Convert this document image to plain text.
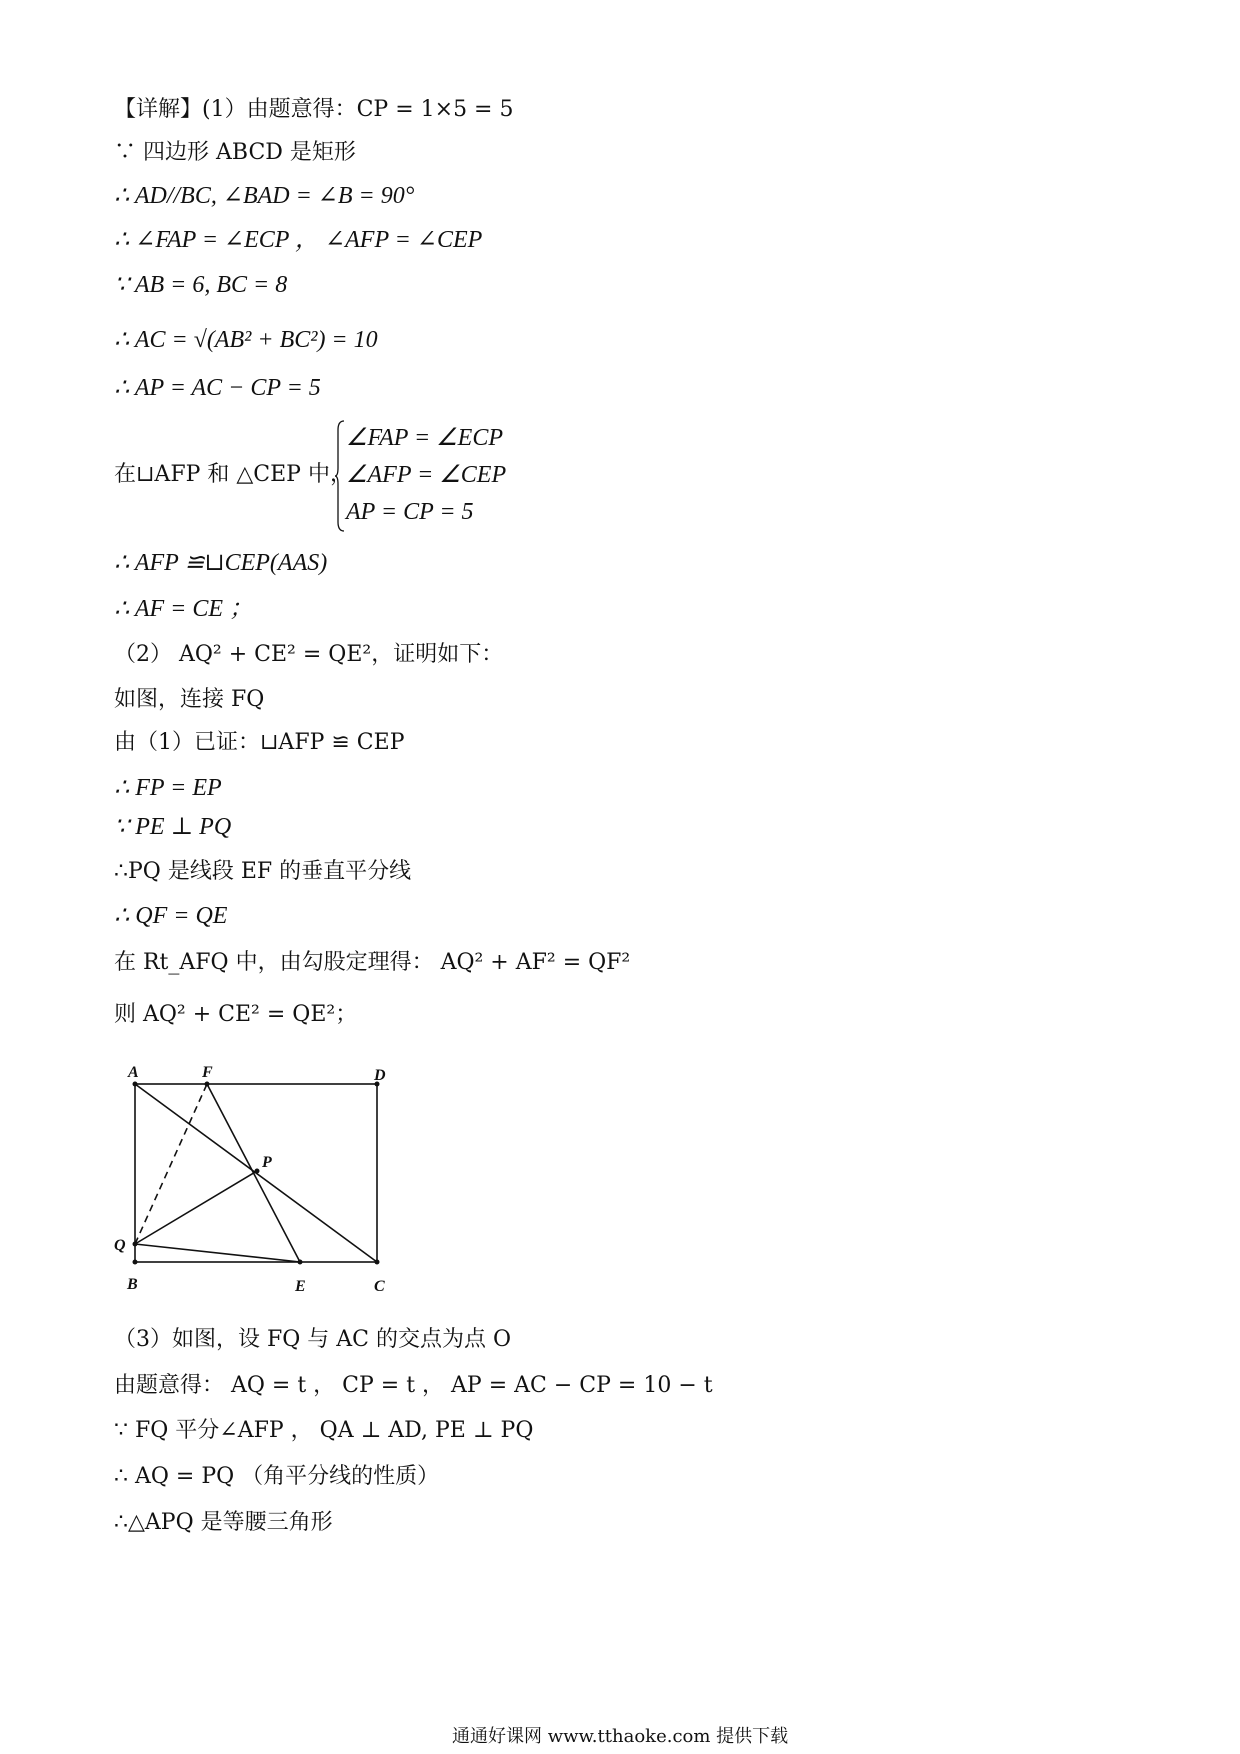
【详解】(1）由题意得：CP = 1×5 = 5
∵ 四边形 ABCD 是矩形
∴ AD//BC, ∠BAD = ∠B = 90°
∴ ∠FAP = ∠ECP ， ∠AFP = ∠CEP
∵ AB = 6, BC = 8
∴ AC = √(AB² + BC²) = 10
∴ AP = AC − CP = 5
在⊔AFP 和 △CEP 中，
∠FAP = ∠ECP
∠AFP = ∠CEP
AP = CP = 5
∴ AFP ≌⊔CEP(AAS)
∴ AF = CE ；
（2） AQ² + CE² = QE²，证明如下：
如图，连接 FQ
由（1）已证：⊔AFP ≌ CEP
∴ FP = EP
∵ PE ⊥ PQ
∴PQ 是线段 EF 的垂直平分线
∴ QF = QE
在 Rt_AFQ 中，由勾股定理得： AQ² + AF² = QF²
则 AQ² + CE² = QE²；
A	F	D
P
Q
B	E	C
（3）如图，设 FQ 与 AC 的交点为点 O
由题意得： AQ = t ， CP = t ， AP = AC − CP = 10 − t
∵ FQ 平分∠AFP ， QA ⊥ AD, PE ⊥ PQ
∴ AQ = PQ （角平分线的性质）
∴△APQ 是等腰三角形
通通好课网 www.tthaoke.com 提供下载
